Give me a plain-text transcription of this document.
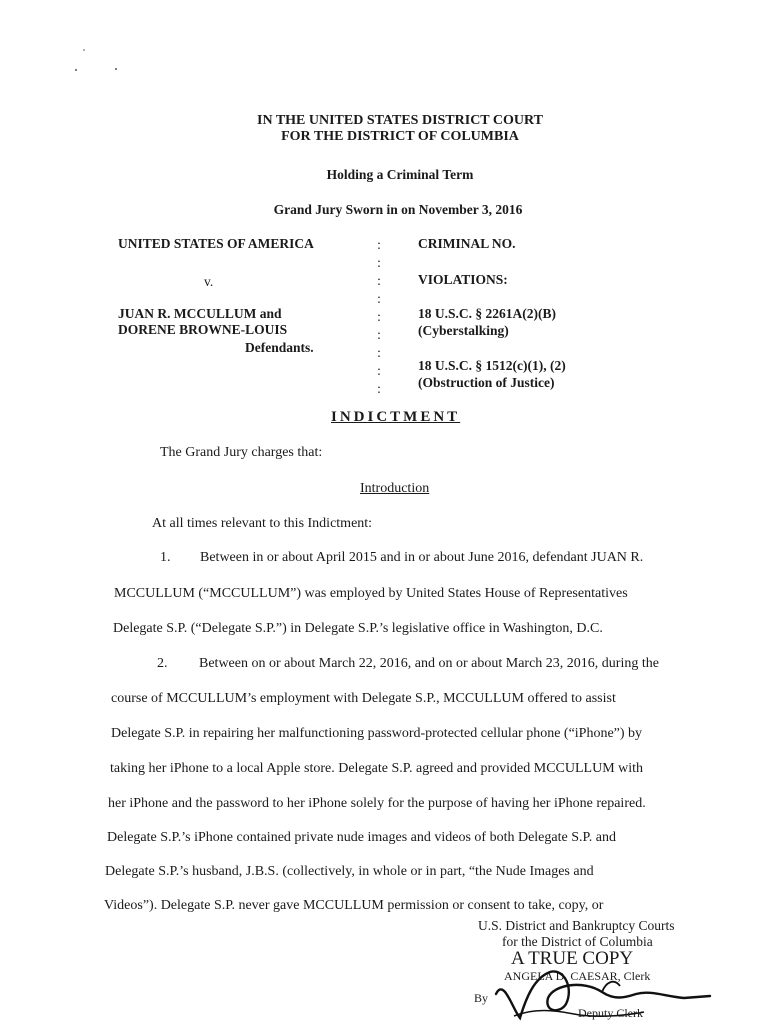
IN THE UNITED STATES DISTRICT COURT
FOR THE DISTRICT OF COLUMBIA
Holding a Criminal Term
Grand Jury Sworn in on November 3, 2016
UNITED STATES OF AMERICA
v.
JUAN R. MCCULLUM and
DORENE BROWNE-LOUIS
Defendants.
:
:
:
:
:
:
:
:
:
CRIMINAL NO.
VIOLATIONS:
18 U.S.C. § 2261A(2)(B)
(Cyberstalking)
18 U.S.C. § 1512(c)(1), (2)
(Obstruction of Justice)
INDICTMENT
The Grand Jury charges that:
Introduction
At all times relevant to this Indictment:
1. Between in or about April 2015 and in or about June 2016, defendant JUAN R.
MCCULLUM (“MCCULLUM”) was employed by United States House of Representatives
Delegate S.P. (“Delegate S.P.”) in Delegate S.P.’s legislative office in Washington, D.C.
2. Between on or about March 22, 2016, and on or about March 23, 2016, during the
course of MCCULLUM’s employment with Delegate S.P., MCCULLUM offered to assist
Delegate S.P. in repairing her malfunctioning password-protected cellular phone (“iPhone”) by
taking her iPhone to a local Apple store. Delegate S.P. agreed and provided MCCULLUM with
her iPhone and the password to her iPhone solely for the purpose of having her iPhone repaired.
Delegate S.P.’s iPhone contained private nude images and videos of both Delegate S.P. and
Delegate S.P.’s husband, J.B.S. (collectively, in whole or in part, “the Nude Images and
Videos”). Delegate S.P. never gave MCCULLUM permission or consent to take, copy, or
U.S. District and Bankruptcy Courts
for the District of Columbia
A TRUE COPY
ANGELA D. CAESAR, Clerk
By
Deputy Clerk
